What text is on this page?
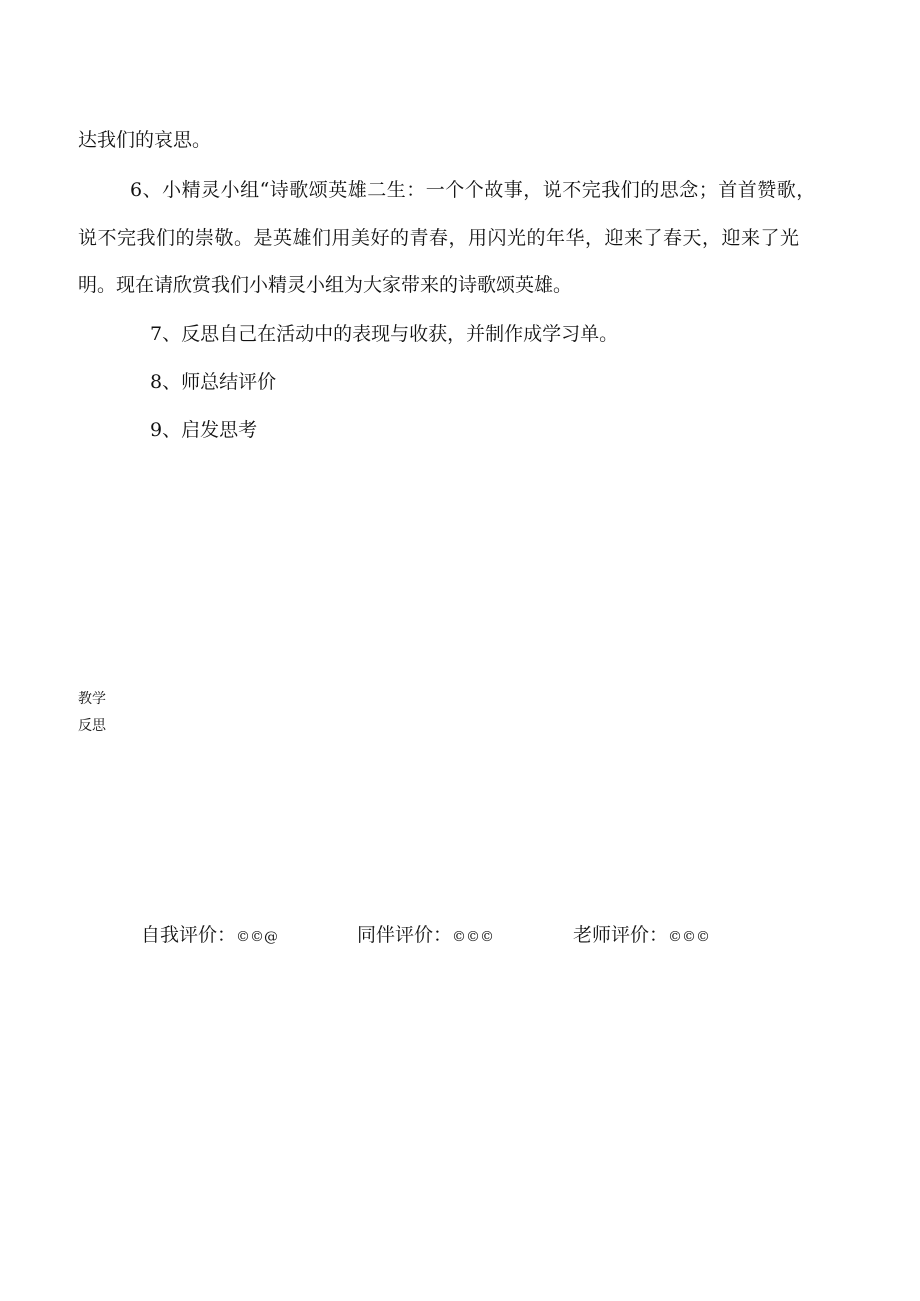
达我们的哀思。
6、小精灵小组“诗歌颂英雄二生：一个个故事，说不完我们的思念；首首赞歌，
说不完我们的崇敬。是英雄们用美好的青春，用闪光的年华，迎来了春天，迎来了光
明。现在请欣赏我们小精灵小组为大家带来的诗歌颂英雄。
7、反思自己在活动中的表现与收获，并制作成学习单。
8、师总结评价
9、启发思考
教学
反思
自我评价：©©@	同伴评价：©©©	老师评价：©©©
